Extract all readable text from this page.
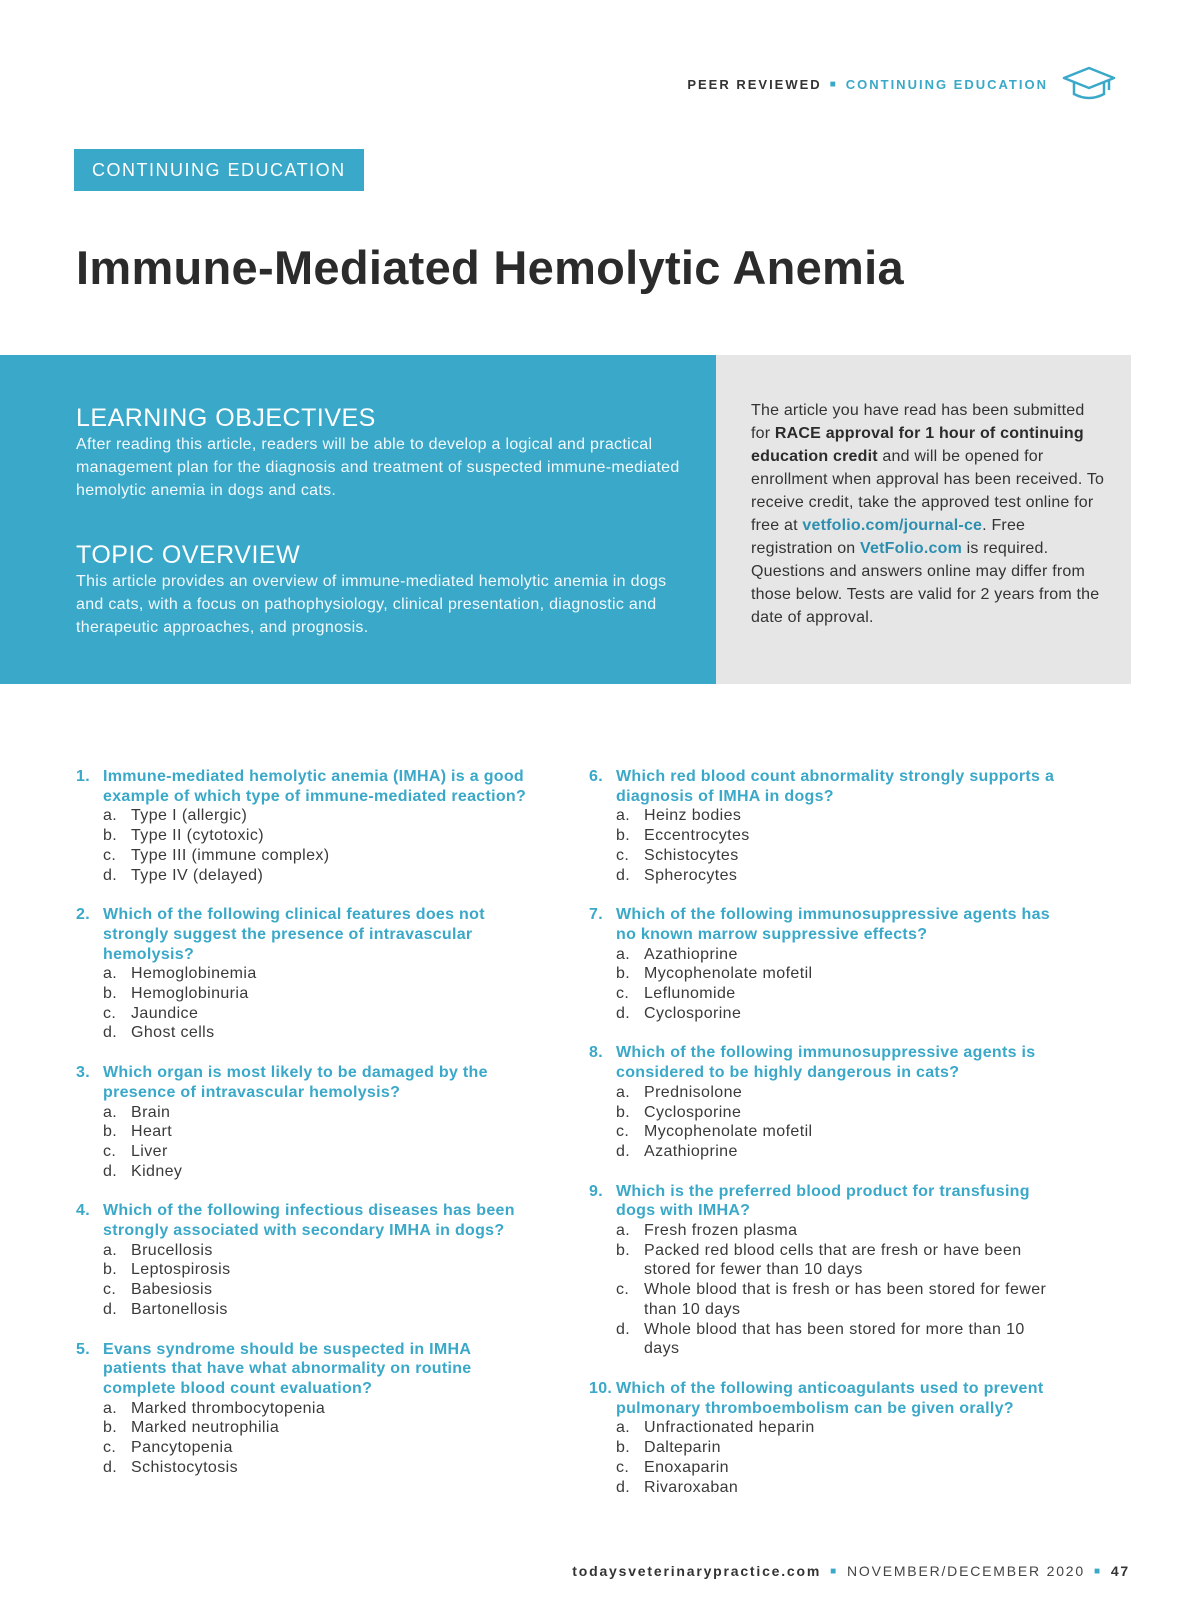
PEER REVIEWED ■ CONTINUING EDUCATION
CONTINUING EDUCATION
Immune-Mediated Hemolytic Anemia
LEARNING OBJECTIVES

After reading this article, readers will be able to develop a logical and practical management plan for the diagnosis and treatment of suspected immune-mediated hemolytic anemia in dogs and cats.

TOPIC OVERVIEW

This article provides an overview of immune-mediated hemolytic anemia in dogs and cats, with a focus on pathophysiology, clinical presentation, diagnostic and therapeutic approaches, and prognosis.

The article you have read has been submitted for RACE approval for 1 hour of continuing education credit and will be opened for enrollment when approval has been received. To receive credit, take the approved test online for free at vetfolio.com/journal-ce. Free registration on VetFolio.com is required. Questions and answers online may differ from those below. Tests are valid for 2 years from the date of approval.
1. Immune-mediated hemolytic anemia (IMHA) is a good example of which type of immune-mediated reaction?
a. Type I (allergic)
b. Type II (cytotoxic)
c. Type III (immune complex)
d. Type IV (delayed)
2. Which of the following clinical features does not strongly suggest the presence of intravascular hemolysis?
a. Hemoglobinemia
b. Hemoglobinuria
c. Jaundice
d. Ghost cells
3. Which organ is most likely to be damaged by the presence of intravascular hemolysis?
a. Brain
b. Heart
c. Liver
d. Kidney
4. Which of the following infectious diseases has been strongly associated with secondary IMHA in dogs?
a. Brucellosis
b. Leptospirosis
c. Babesiosis
d. Bartonellosis
5. Evans syndrome should be suspected in IMHA patients that have what abnormality on routine complete blood count evaluation?
a. Marked thrombocytopenia
b. Marked neutrophilia
c. Pancytopenia
d. Schistocytosis
6. Which red blood count abnormality strongly supports a diagnosis of IMHA in dogs?
a. Heinz bodies
b. Eccentrocytes
c. Schistocytes
d. Spherocytes
7. Which of the following immunosuppressive agents has no known marrow suppressive effects?
a. Azathioprine
b. Mycophenolate mofetil
c. Leflunomide
d. Cyclosporine
8. Which of the following immunosuppressive agents is considered to be highly dangerous in cats?
a. Prednisolone
b. Cyclosporine
c. Mycophenolate mofetil
d. Azathioprine
9. Which is the preferred blood product for transfusing dogs with IMHA?
a. Fresh frozen plasma
b. Packed red blood cells that are fresh or have been stored for fewer than 10 days
c. Whole blood that is fresh or has been stored for fewer than 10 days
d. Whole blood that has been stored for more than 10 days
10. Which of the following anticoagulants used to prevent pulmonary thromboembolism can be given orally?
a. Unfractionated heparin
b. Dalteparin
c. Enoxaparin
d. Rivaroxaban
todaysveterinarypractice.com ■ NOVEMBER/DECEMBER 2020 ■ 47
